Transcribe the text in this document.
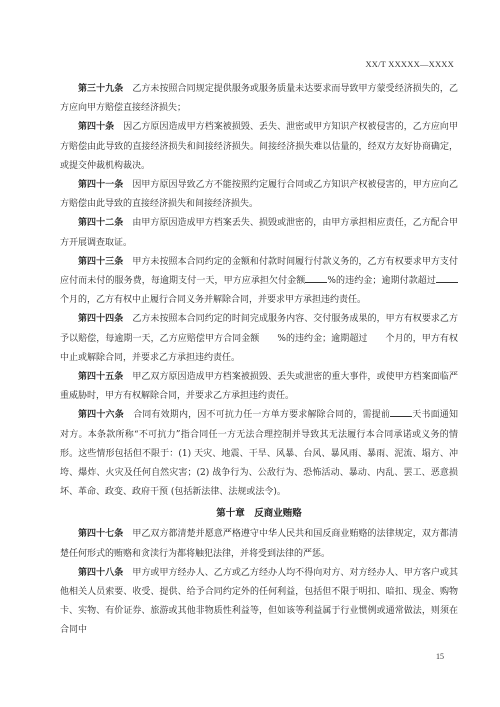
XX/T XXXXX—XXXX

第三十九条　 乙方未按照合同规定提供服务或服务质量未达要求而导致甲方蒙受经济损失的，乙方应向甲方赔偿直接经济损失；

第四十条　 因乙方原因造成甲方档案被损毁、丢失、泄密或甲方知识产权被侵害的，乙方应向甲方赔偿由此导致的直接经济损失和间接经济损失。间接经济损失难以估量的，经双方友好协商确定，或提交仲裁机构裁决。

第四十一条　 因甲方原因导致乙方不能按照约定履行合同或乙方知识产权被侵害的，甲方应向乙方赔偿由此导致的直接经济损失和间接经济损失。

第四十二条　 由甲方原因造成甲方档案丢失、损毁或泄密的，由甲方承担相应责任，乙方配合甲方开展调查取证。

第四十三条　 甲方未按照本合同约定的金额和付款时间履行付款义务的，乙方有权要求甲方支付应付而未付的服务费，每逾期支付一天，甲方应承担欠付金额 %的违约金；逾期付款超过个月的，乙方有权中止履行合同义务并解除合同，并要求甲方承担违约责任。

第四十四条　 乙方未按照本合同约定的时间完成服务内容、交付服务成果的，甲方有权要求乙方予以赔偿，每逾期一天，乙方应赔偿甲方合同金额 %的违约金；逾期超过 个月的，甲方有权中止或解除合同，并要求乙方承担违约责任。

第四十五条　 甲乙双方原因造成甲方档案被损毁、丢失或泄密的重大事件，或使甲方档案面临严重威胁时，甲方有权解除合同，并要求乙方承担违约责任。

第四十六条　 合同有效期内，因不可抗力任一方单方要求解除合同的，需提前 天书面通知对方。本条款所称“不可抗力”指合同任一方无法合理控制并导致其无法履行本合同承诺或义务的情形。这些情形包括但不限于：(1) 天灾、地震、干旱、风暴、台风、暴风雨、暴雨、泥流、塌方、冲垮、爆炸、火灾及任何自然灾害；(2) 战争行为、公敌行为、恐怖活动、暴动、内乱、罢工、恶意损坏、革命、政变、政府干预 (包括新法律、法规或法令)。

第十章　反商业贿赂

第四十七条　 甲乙双方都清楚并愿意严格遵守中华人民共和国反商业贿赂的法律规定，双方都清楚任何形式的贿赂和贪渎行为都将触犯法律，并将受到法律的严惩。

第四十八条　 甲方或甲方经办人、乙方或乙方经办人均不得向对方、对方经办人、甲方客户或其他相关人员索要、收受、提供、给予合同约定外的任何利益，包括但不限于明扣、暗扣、现金、购物卡、实物、有价证券、旅游或其他非物质性利益等，但如该等利益属于行业惯例或通常做法，则须在合同中

15
